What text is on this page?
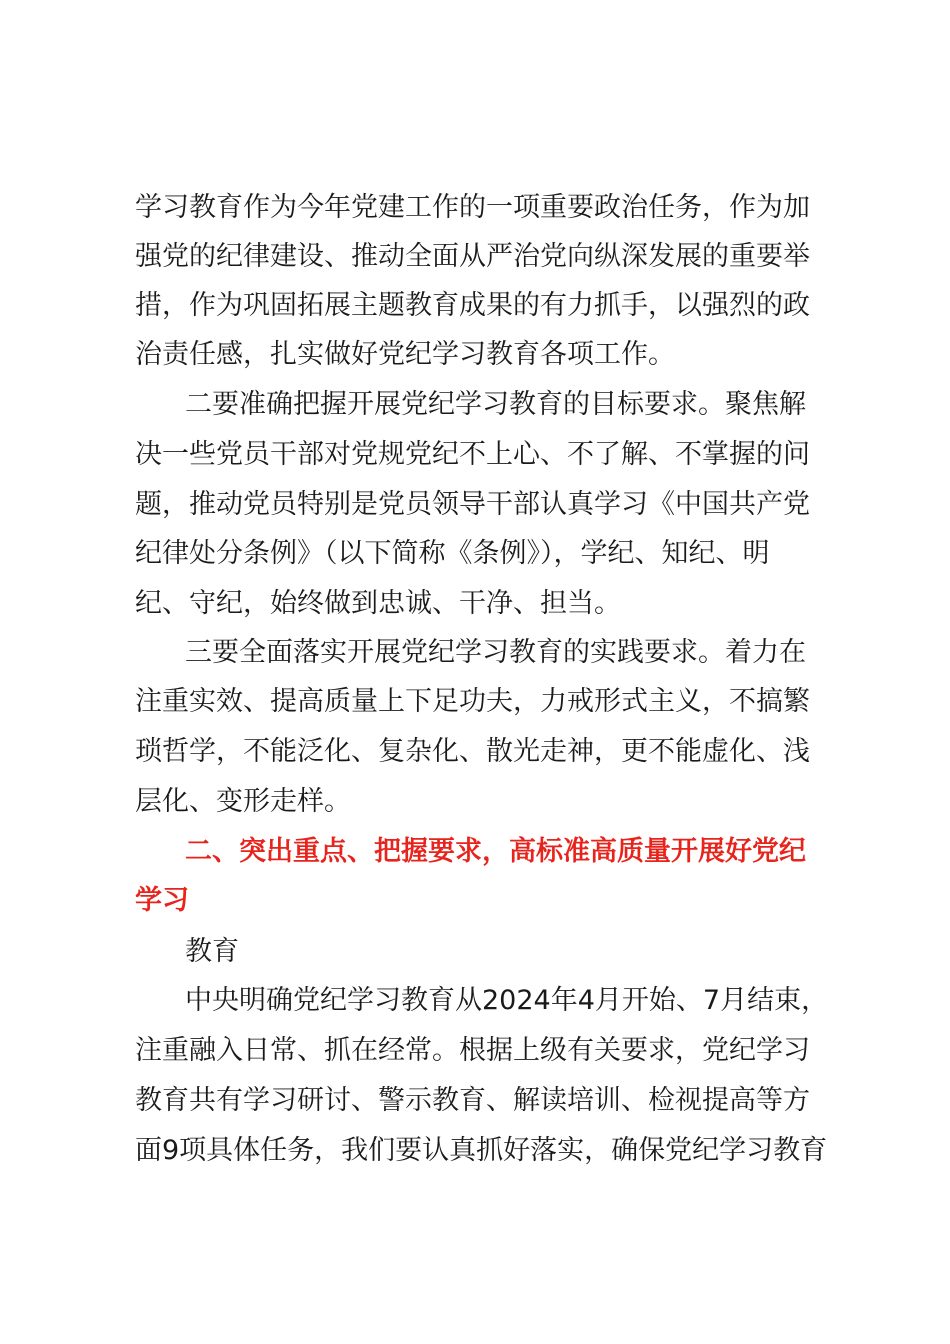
学习教育作为今年党建工作的一项重要政治任务，作为加
强党的纪律建设、推动全面从严治党向纵深发展的重要举
措，作为巩固拓展主题教育成果的有力抓手，以强烈的政
治责任感，扎实做好党纪学习教育各项工作。
二要准确把握开展党纪学习教育的目标要求。聚焦解
决一些党员干部对党规党纪不上心、不了解、不掌握的问
题，推动党员特别是党员领导干部认真学习《中国共产党
纪律处分条例》（以下简称《条例》），学纪、知纪、明
纪、守纪，始终做到忠诚、干净、担当。
三要全面落实开展党纪学习教育的实践要求。着力在
注重实效、提高质量上下足功夫，力戒形式主义，不搞繁
琐哲学，不能泛化、复杂化、散光走神，更不能虚化、浅
层化、变形走样。
二、突出重点、把握要求，高标准高质量开展好党纪
学习
教育
中央明确党纪学习教育从2024年4月开始、7月结束，
注重融入日常、抓在经常。根据上级有关要求，党纪学习
教育共有学习研讨、警示教育、解读培训、检视提高等方
面9项具体任务，我们要认真抓好落实，确保党纪学习教育
